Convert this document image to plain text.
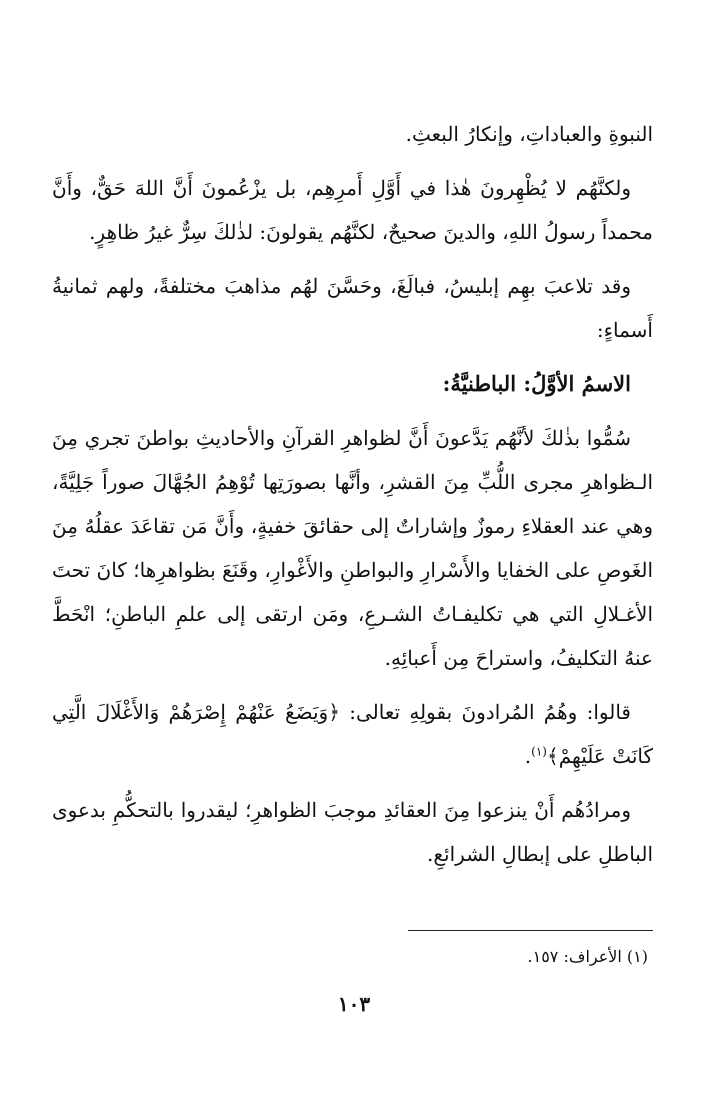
النبوةِ والعباداتِ، وإنكارُ البعثِ.

ولكنَّهُم لا يُظْهِرونَ هٰذا في أَوَّلِ أَمرِهِم، بل يزْعُمونَ أَنَّ اللهَ حَقٌّ، وأَنَّ محمداً رسولُ اللهِ، والدينَ صحيحٌ، لكنَّهُم يقولونَ: لذٰلكَ سِرٌّ غيرُ ظاهِرٍ.

وقد تلاعبَ بهِم إبليسُ، فبالَغَ، وحَسَّنَ لهُم مذاهبَ مختلفةً، ولهم ثمانيةُ أَسماءٍ:

الاسمُ الأوَّلُ: الباطنيَّةُ:

سُمُّوا بذٰلكَ لأنَّهُم يَدَّعونَ أَنَّ لظواهرِ القرآنِ والأحاديثِ بواطنَ تجري مِنَ الـظواهرِ مجرى اللُّبِّ مِنَ القشرِ، وأنَّها بصورَتِها تُوْهِمُ الجُهَّالَ صوراً جَلِيَّةً، وهي عند العقلاءِ رموزٌ وإشاراتٌ إلى حقائقَ خفيةٍ، وأَنَّ مَن تقاعَدَ عقلُهُ مِنَ الغَوصِ على الخفايا والأَسْرارِ والبواطنِ والأَغْوارِ، وقَنَعَ بظواهرِها؛ كانَ تحتَ الأغـلالِ التي هي تكليفـاتُ الشـرعِ، ومَن ارتقى إلى علمِ الباطنِ؛ انْحَطَّ عنهُ التكليفُ، واستراحَ مِن أَعبائِهِ.

قالوا: وهُمُ المُرادونَ بقولِهِ تعالى: ﴿وَيَضَعُ عَنْهُمْ إِصْرَهُمْ وَالأَغْلَالَ الَّتِي كَانَتْ عَلَيْهِمْ﴾$^{(١)}$.

ومرادُهُم أَنْ ينزعوا مِنَ العقائدِ موجبَ الظواهرِ؛ ليقدروا بالتحكُّمِ بدعوى الباطلِ على إبطالِ الشرائعِ.

(١) الأعراف: ١٥٧.
١٠٣
